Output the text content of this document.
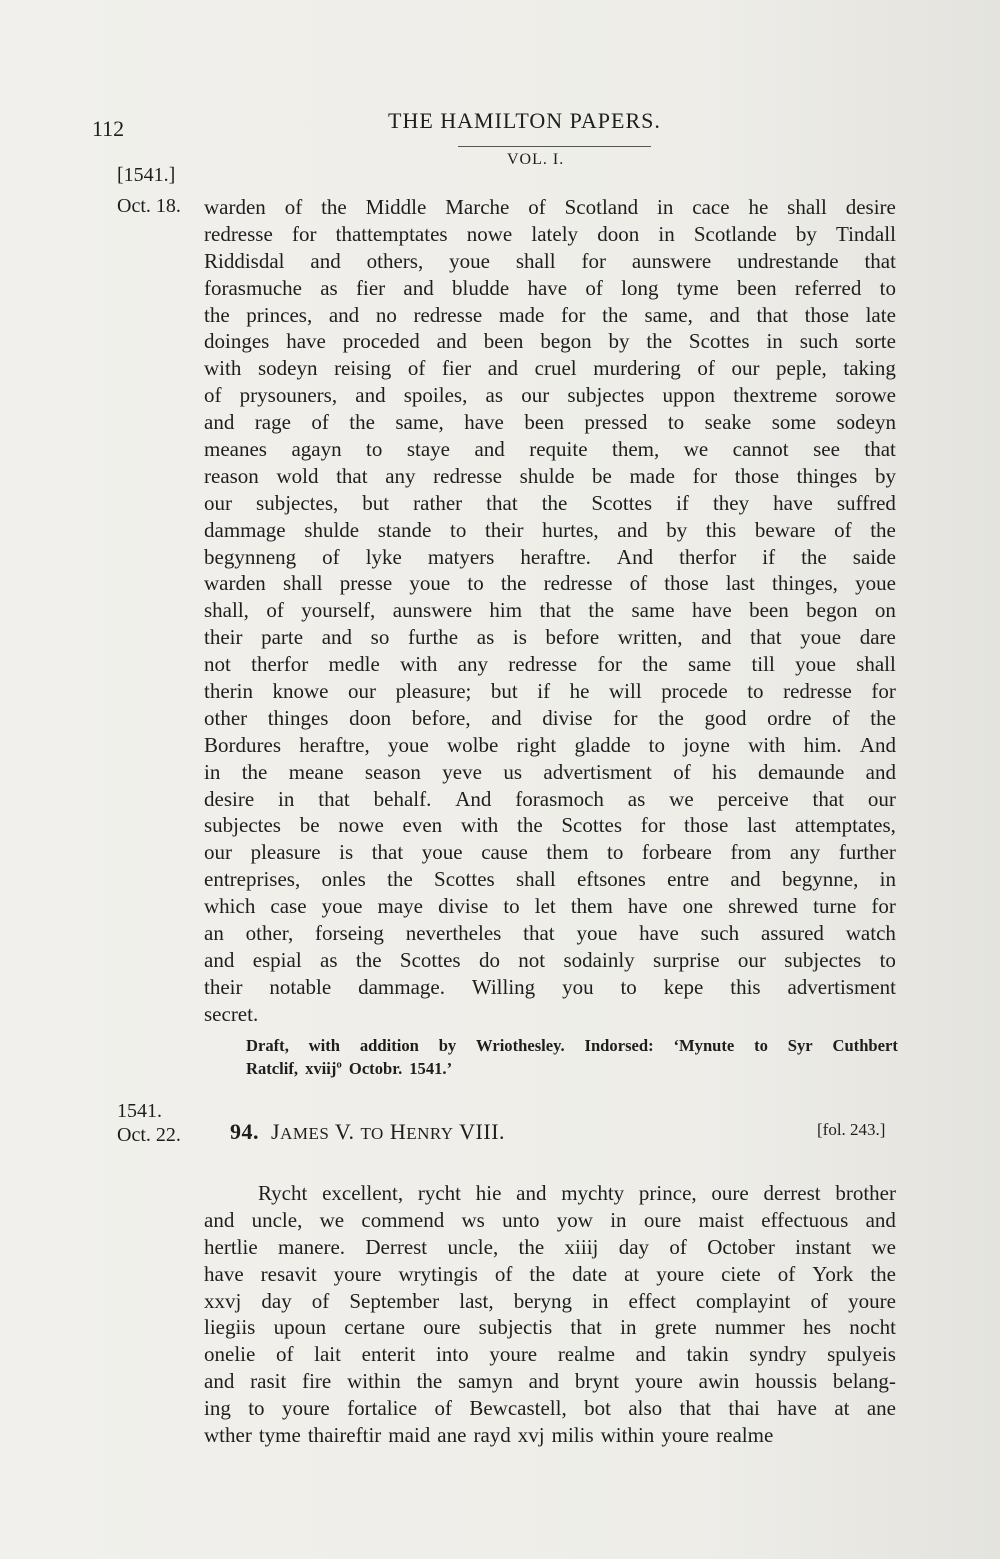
112	THE HAMILTON PAPERS.
VOL. I.
[1541.]
Oct. 18. warden of the Middle Marche of Scotland in cace he shall desire
redresse for thattemptates nowe lately doon in Scotlande by Tindall
Riddisdal and others, youe shall for aunswere undrestande that
forasmuche as fier and bludde have of long tyme been referred to
the princes, and no redresse made for the same, and that those late
doinges have proceded and been begon by the Scottes in such sorte
with sodeyn reising of fier and cruel murdering of our peple, taking
of prysouners, and spoiles, as our subjectes uppon thextreme sorowe
and rage of the same, have been pressed to seake some sodeyn
meanes agayn to staye and requite them, we cannot see that
reason wold that any redresse shulde be made for those thinges by
our subjectes, but rather that the Scottes if they have suffred
dammage shulde stande to their hurtes, and by this beware of the
begynneng of lyke matyers heraftre. And therfor if the saide
warden shall presse youe to the redresse of those last thinges, youe
shall, of yourself, aunswere him that the same have been begon on
their parte and so furthe as is before written, and that youe dare
not therfor medle with any redresse for the same till youe shall
therin knowe our pleasure; but if he will procede to redresse for
other thinges doon before, and divise for the good ordre of the
Bordures heraftre, youe wolbe right gladde to joyne with him. And
in the meane season yeve us advertisment of his demaunde and
desire in that behalf. And forasmoch as we perceive that our
subjectes be nowe even with the Scottes for those last attemptates,
our pleasure is that youe cause them to forbeare from any further
entreprises, onles the Scottes shall eftsones entre and begynne, in
which case youe maye divise to let them have one shrewed turne for
an other, forseing nevertheles that youe have such assured watch
and espial as the Scottes do not sodainly surprise our subjectes to
their notable dammage. Willing you to kepe this advertisment
secret.
Draft, with addition by Wriothesley. Indorsed: ‘Mynute to Syr Cuthbert
Ratclif, xviijº Octobr. 1541.’
1541.
Oct. 22. 94. JAMES V. TO HENRY VIII.	[fol. 243.]
Rycht excellent, rycht hie and mychty prince, oure derrest brother
and uncle, we commend ws unto yow in oure maist effectuous and
hertlie manere. Derrest uncle, the xiiij day of October instant we
have resavit youre wrytingis of the date at youre ciete of York the
xxvj day of September last, beryng in effect complayint of youre
liegiis upoun certane oure subjectis that in grete nummer hes nocht
onelie of lait enterit into youre realme and takin syndry spulyeis
and rasit fire within the samyn and brynt youre awin houssis belang-
ing to youre fortalice of Bewcastell, bot also that thai have at ane
wther tyme thaireftir maid ane rayd xvj milis within youre realme
